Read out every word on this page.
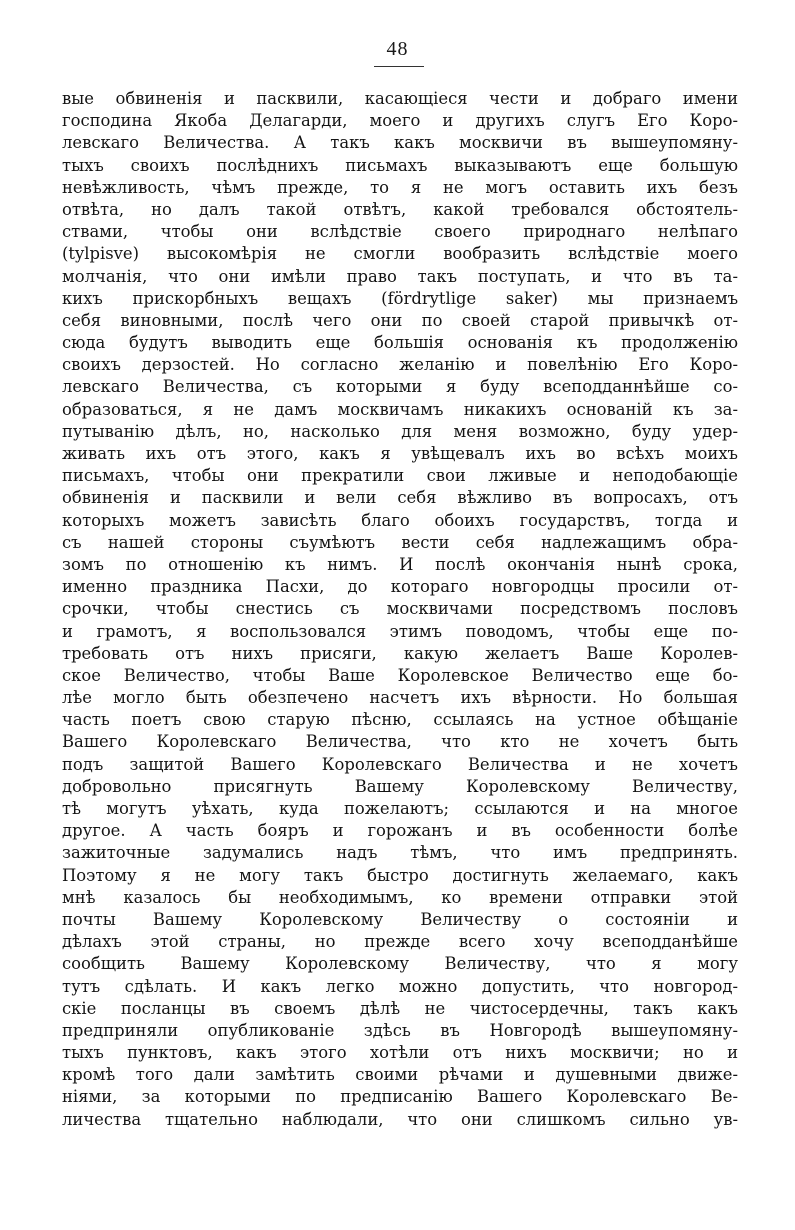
48
вые обвиненія и пасквили, касающіеся чести и добраго имени
господина Якоба Делагарди, моего и другихъ слугъ Его Коро-
левскаго Величества. А такъ какъ москвичи въ вышеупомяну-
тыхъ своихъ послѣднихъ письмахъ выказываютъ еще большую
невѣжливость, чѣмъ прежде, то я не могъ оставить ихъ безъ
отвѣта, но далъ такой отвѣтъ, какой требовался обстоятель-
ствами, чтобы они вслѣдствіе своего природнаго нелѣпаго
(tylpisve) высокомѣрія не смогли вообразить вслѣдствіе моего
молчанія, что они имѣли право такъ поступать, и что въ та-
кихъ прискорбныхъ вещахъ (fördrytlige saker) мы признаемъ
себя виновными, послѣ чего они по своей старой привычкѣ от-
сюда будутъ выводить еще большія основанія къ продолженію
своихъ дерзостей. Но согласно желанію и повелѣнію Его Коро-
левскаго Величества, съ которыми я буду всеподданнѣйше со-
образоваться, я не дамъ москвичамъ никакихъ основаній къ за-
путыванію дѣлъ, но, насколько для меня возможно, буду удер-
живать ихъ отъ этого, какъ я увѣщевалъ ихъ во всѣхъ моихъ
письмахъ, чтобы они прекратили свои лживые и неподобающіе
обвиненія и пасквили и вели себя вѣжливо въ вопросахъ, отъ
которыхъ можетъ зависѣть благо обоихъ государствъ, тогда и
съ нашей стороны съумѣютъ вести себя надлежащимъ обра-
зомъ по отношенію къ нимъ. И послѣ окончанія нынѣ срока,
именно праздника Пасхи, до котораго новгородцы просили от-
срочки, чтобы снестись съ москвичами посредствомъ пословъ
и грамотъ, я воспользовался этимъ поводомъ, чтобы еще по-
требовать отъ нихъ присяги, какую желаетъ Ваше Королев-
ское Величество, чтобы Ваше Королевское Величество еще бо-
лѣе могло быть обезпечено насчетъ ихъ вѣрности. Но большая
часть поетъ свою старую пѣсню, ссылаясь на устное обѣщаніе
Вашего Королевскаго Величества, что кто не хочетъ быть
подъ защитой Вашего Королевскаго Величества и не хочетъ
добровольно присягнуть Вашему Королевскому Величеству,
тѣ могутъ уѣхать, куда пожелаютъ; ссылаются и на многое
другое. А часть бояръ и горожанъ и въ особенности болѣе
зажиточные задумались надъ тѣмъ, что имъ предпринять.
Поэтому я не могу такъ быстро достигнуть желаемаго, какъ
мнѣ казалось бы необходимымъ, ко времени отправки этой
почты Вашему Королевскому Величеству о состояніи и
дѣлахъ этой страны, но прежде всего хочу всеподданѣйше
сообщить Вашему Королевскому Величеству, что я могу
тутъ сдѣлать. И какъ легко можно допустить, что новгород-
скіе посланцы въ своемъ дѣлѣ не чистосердечны, такъ какъ
предприняли опубликованіе здѣсь въ Новгородѣ вышеупомяну-
тыхъ пунктовъ, какъ этого хотѣли отъ нихъ москвичи; но и
кромѣ того дали замѣтить своими рѣчами и душевными движе-
ніями, за которыми по предписанію Вашего Королевскаго Ве-
личества тщательно наблюдали, что они слишкомъ сильно ув-
